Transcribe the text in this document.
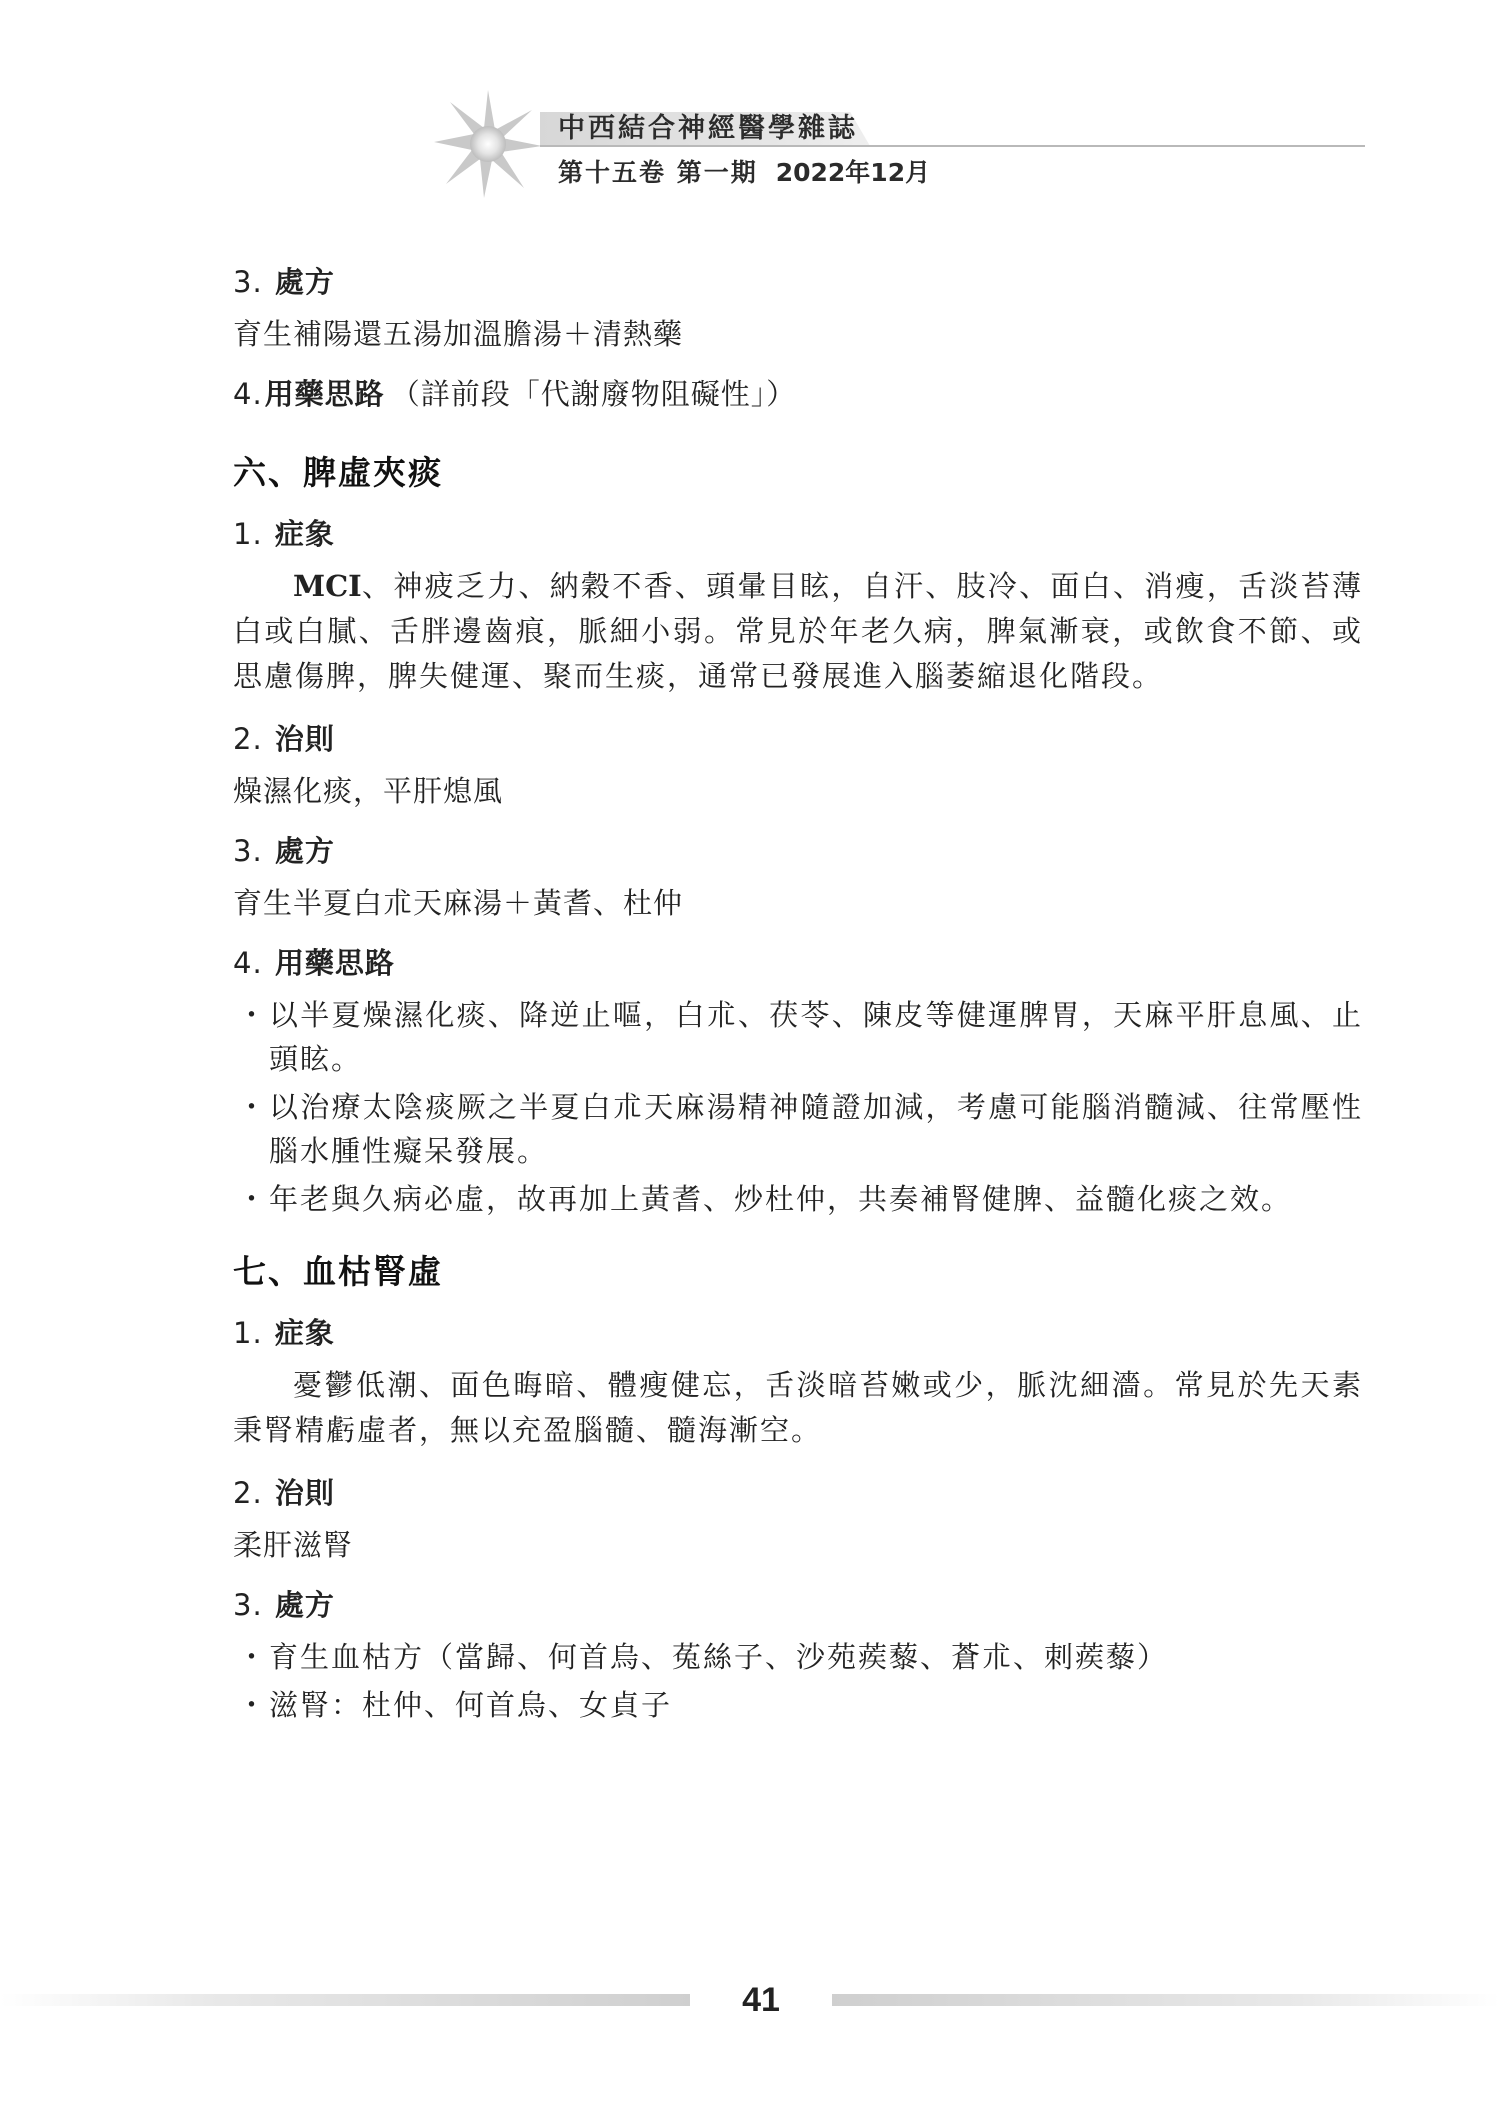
中西結合神經醫學雜誌
第十五卷 第一期 2022年12月
3. 處方
育生補陽還五湯加溫膽湯＋清熱藥
4. 用藥思路 （詳前段「代謝廢物阻礙性」）
六、脾虛夾痰
1. 症象

MCI、神疲乏力、納穀不香、頭暈目眩，自汗、肢冷、面白、消瘦，舌淡苔薄白或白膩、舌胖邊齒痕，脈細小弱。常見於年老久病，脾氣漸衰，或飲食不節、或思慮傷脾，脾失健運、聚而生痰，通常已發展進入腦萎縮退化階段。

2. 治則
燥濕化痰，平肝熄風
3. 處方
育生半夏白朮天麻湯＋黃耆、杜仲
4. 用藥思路
・ 以半夏燥濕化痰、降逆止嘔，白朮、茯苓、陳皮等健運脾胃，天麻平肝息風、止頭眩。
・ 以治療太陰痰厥之半夏白朮天麻湯精神隨證加減，考慮可能腦消髓減、往常壓性腦水腫性癡呆發展。
・ 年老與久病必虛，故再加上黃耆、炒杜仲，共奏補腎健脾、益髓化痰之效。
七、血枯腎虛
1. 症象

憂鬱低潮、面色晦暗、體瘦健忘，舌淡暗苔嫩或少，脈沈細濇。常見於先天素秉腎精虧虛者，無以充盈腦髓、髓海漸空。

2. 治則
柔肝滋腎
3. 處方
・ 育生血枯方（當歸、何首烏、菟絲子、沙苑蒺藜、蒼朮、刺蒺藜）
・ 滋腎：杜仲、何首烏、女貞子
41
